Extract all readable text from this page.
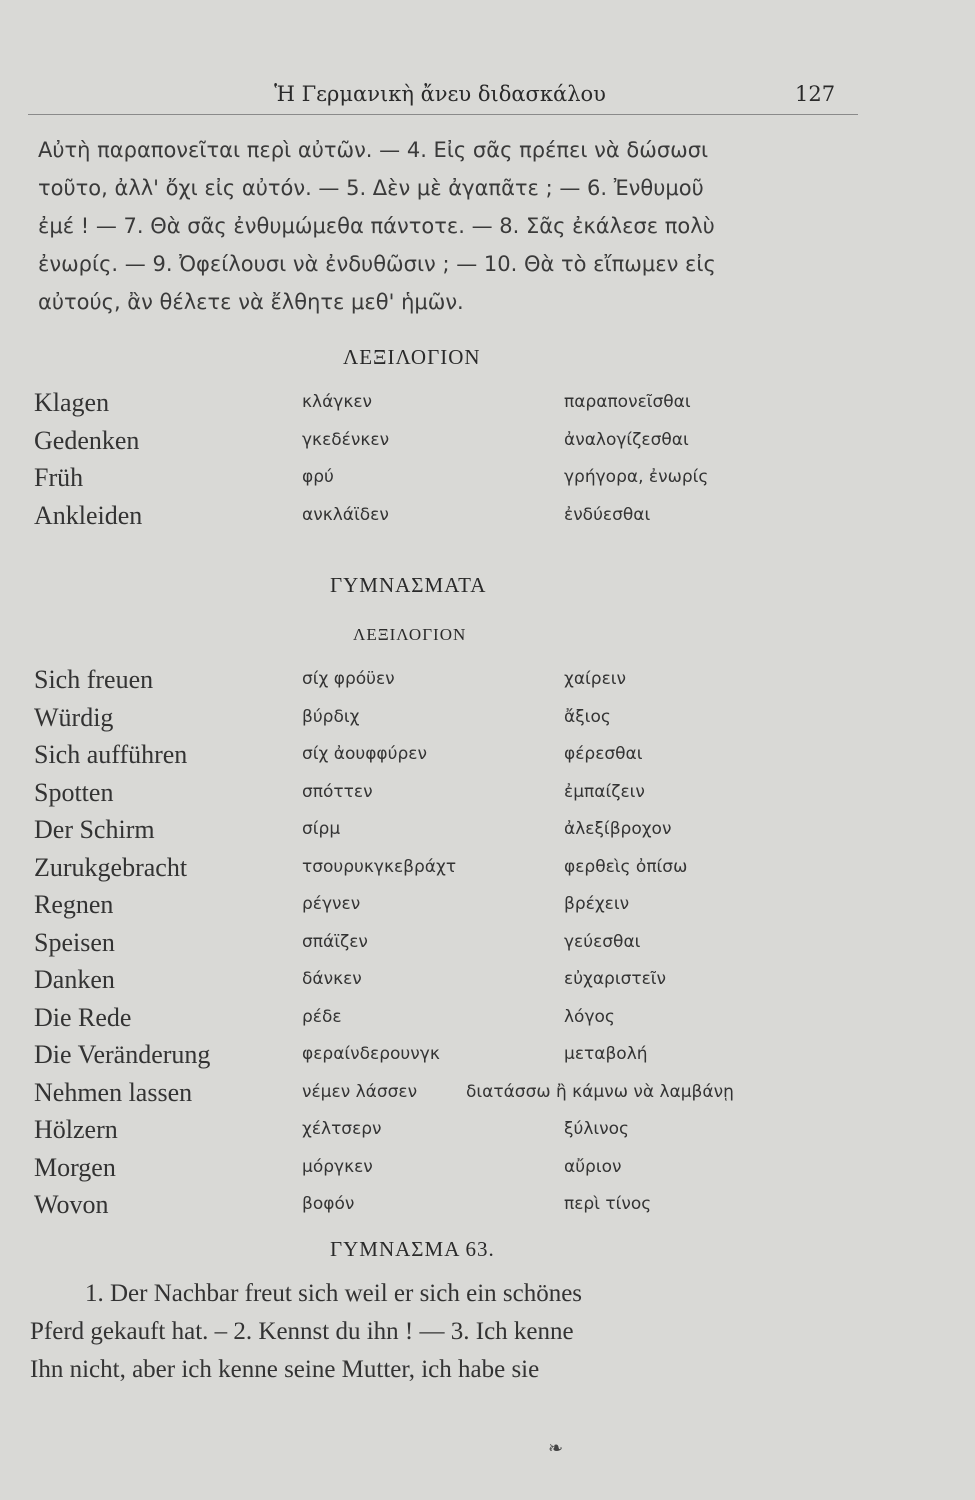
Ἡ Γερμανικὴ ἄνευ διδασκάλου	127
Αὐτὴ παραπονεῖται περὶ αὐτῶν. — 4. Εἰς σᾶς πρέπει νὰ δώσωσι
τοῦτο, ἀλλ' ὄχι εἰς αὐτόν. — 5. Δὲν μὲ ἀγαπᾶτε ; — 6. Ἐνθυμοῦ
ἐμέ ! — 7. Θὰ σᾶς ἐνθυμώμεθα πάντοτε. — 8. Σᾶς ἐκάλεσε πολὺ
ἐνωρίς. — 9. Ὀφείλουσι νὰ ἐνδυθῶσιν ; — 10. Θὰ τὸ εἴπωμεν εἰς
αὐτούς, ἂν θέλετε νὰ ἔλθητε μεθ' ἡμῶν.
ΛΕΞΙΛΟΓΙΟΝ
Klagen	κλάγκεν	παραπονεῖσθαι
Gedenken	γκεδένκεν	ἀναλογίζεσθαι
Früh	φρύ	γρήγορα, ἐνωρίς
Ankleiden	ανκλάϊδεν	ἐνδύεσθαι
ΓΥΜΝΑΣΜΑΤΑ
ΛΕΞΙΛΟΓΙΟΝ
Sich freuen	σίχ φρόϋεν	χαίρειν
Würdig	βύρδιχ	ἄξιος
Sich aufführen	σίχ ἀουφφύρεν	φέρεσθαι
Spotten	σπόττεν	ἐμπαίζειν
Der Schirm	σίρμ	ἀλεξίβροχον
Zurukgebracht	τσουρυκγκεβράχτ	φερθεὶς ὀπίσω
Regnen	ρέγνεν	βρέχειν
Speisen	σπάϊζεν	γεύεσθαι
Danken	δάνκεν	εὐχαριστεῖν
Die Rede	ρέδε	λόγος
Die Veränderung	φεραίνδερουνγκ	μεταβολή
Nehmen lassen	νέμεν λάσσεν	διατάσσω ἢ κάμνω νὰ λαμβάνῃ
Hölzern	χέλτσερν	ξύλινος
Morgen	μόργκεν	αὔριον
Wovon	βοφόν	περὶ τίνος
ΓΥΜΝΑΣΜΑ 63.
1. Der Nachbar freut sich weil er sich ein schönes
Pferd gekauft hat. – 2. Kennst du ihn ! — 3. Ich kenne
Ihn nicht, aber ich kenne seine Mutter, ich habe sie
❧
